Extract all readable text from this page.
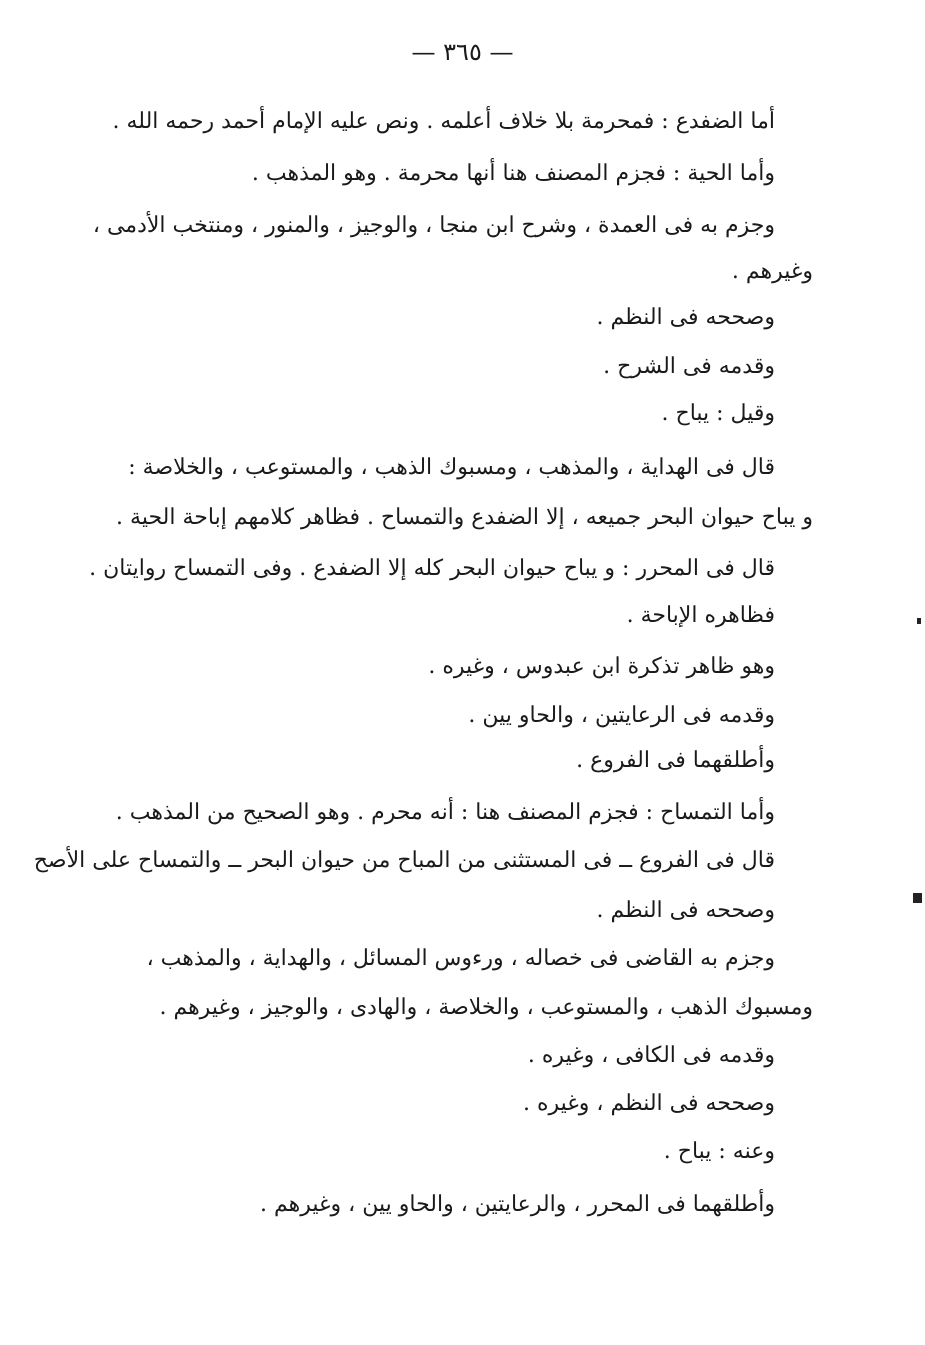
— ٣٦٥ —
أما الضفدع : فمحرمة بلا خلاف أعلمه . ونص عليه الإمام أحمد رحمه الله .
وأما الحية : فجزم المصنف هنا أنها محرمة . وهو المذهب .
وجزم به فى العمدة ، وشرح ابن منجا ، والوجيز ، والمنور ، ومنتخب الأدمى ،
وغيرهم .
وصححه فى النظم .
وقدمه فى الشرح .
وقيل : يباح .
قال فى الهداية ، والمذهب ، ومسبوك الذهب ، والمستوعب ، والخلاصة :
و يباح حيوان البحر جميعه ، إلا الضفدع والتمساح . فظاهر كلامهم إباحة الحية .
قال فى المحرر : و يباح حيوان البحر كله إلا الضفدع . وفى التمساح روايتان .
فظاهره الإباحة .
وهو ظاهر تذكرة ابن عبدوس ، وغيره .
وقدمه فى الرعايتين ، والحاو يين .
وأطلقهما فى الفروع .
وأما التمساح : فجزم المصنف هنا : أنه محرم . وهو الصحيح من المذهب .
قال فى الفروع ــ فى المستثنى من المباح من حيوان البحر ــ والتمساح على الأصح
وصححه فى النظم .
وجزم به القاضى فى خصاله ، ورءوس المسائل ، والهداية ، والمذهب ،
ومسبوك الذهب ، والمستوعب ، والخلاصة ، والهادى ، والوجيز ، وغيرهم .
وقدمه فى الكافى ، وغيره .
وصححه فى النظم ، وغيره .
وعنه : يباح .
وأطلقهما فى المحرر ، والرعايتين ، والحاو يين ، وغيرهم .
